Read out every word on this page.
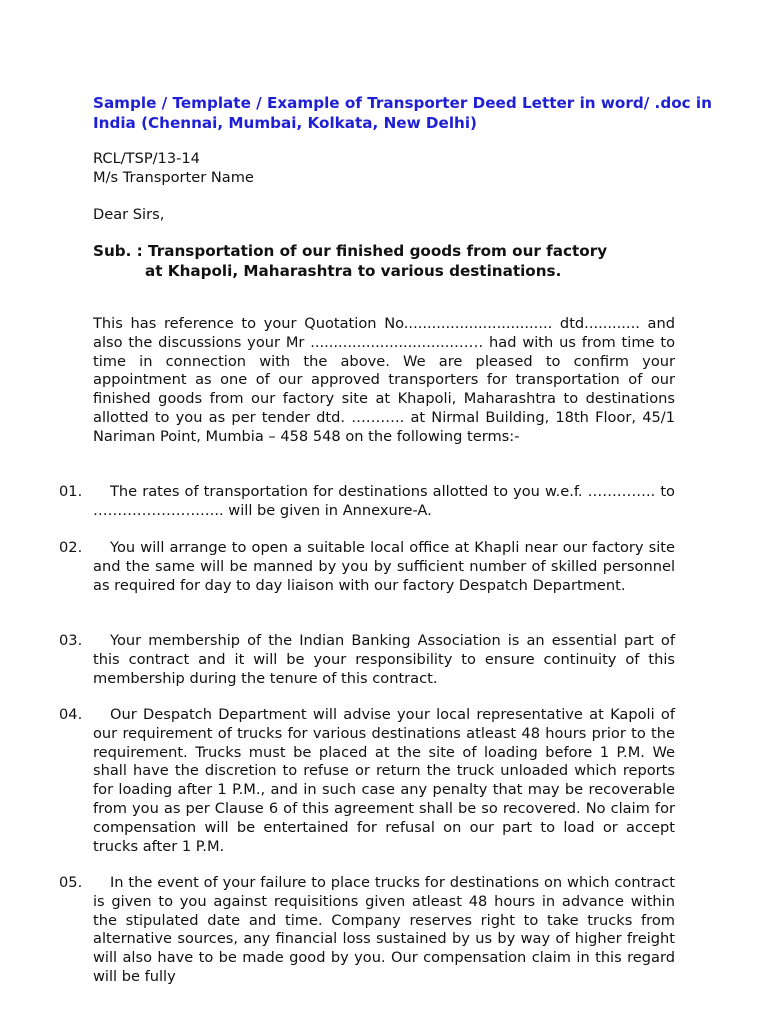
Sample / Template / Example of Transporter Deed Letter in word/ .doc in India (Chennai, Mumbai, Kolkata, New Delhi)

RCL/TSP/13-14

M/s Transporter Name

Dear Sirs,

Sub. : Transportation of our finished goods from our factory
at Khapoli, Maharashtra to various destinations.

This has reference to your Quotation No................................ dtd............ and also the discussions your Mr ...............................…… had with us from time to time in connection with the above. We are pleased to confirm your appointment as one of our approved transporters for transportation of our finished goods from our factory site at Khapoli, Maharashtra to destinations allotted to you as per tender dtd. ……….. at Nirmal Building, 18th Floor, 45/1 Nariman Point, Mumbia – 458 548 on the following terms:-

01.	The rates of transportation for destinations allotted to you w.e.f. ………….. to ……………………... will be given in Annexure-A.
02.	You will arrange to open a suitable local office at Khapli near our factory site and the same will be manned by you by sufficient number of skilled personnel as required for day to day liaison with our factory Despatch Department.
03.	Your membership of the Indian Banking Association is an essential part of this contract and it will be your responsibility to ensure continuity of this membership during the tenure of this contract.
04.	Our Despatch Department will advise your local representative at Kapoli of our requirement of trucks for various destinations atleast 48 hours prior to the requirement. Trucks must be placed at the site of loading before 1 P.M. We shall have the discretion to refuse or return the truck unloaded which reports for loading after 1 P.M., and in such case any penalty that may be recoverable from you as per Clause 6 of this agreement shall be so recovered. No claim for compensation will be entertained for refusal on our part to load or accept trucks after 1 P.M.
05.	In the event of your failure to place trucks for destinations on which contract is given to you against requisitions given atleast 48 hours in advance within the stipulated date and time. Company reserves right to take trucks from alternative sources, any financial loss sustained by us by way of higher freight will also have to be made good by you. Our compensation claim in this regard will be fully
